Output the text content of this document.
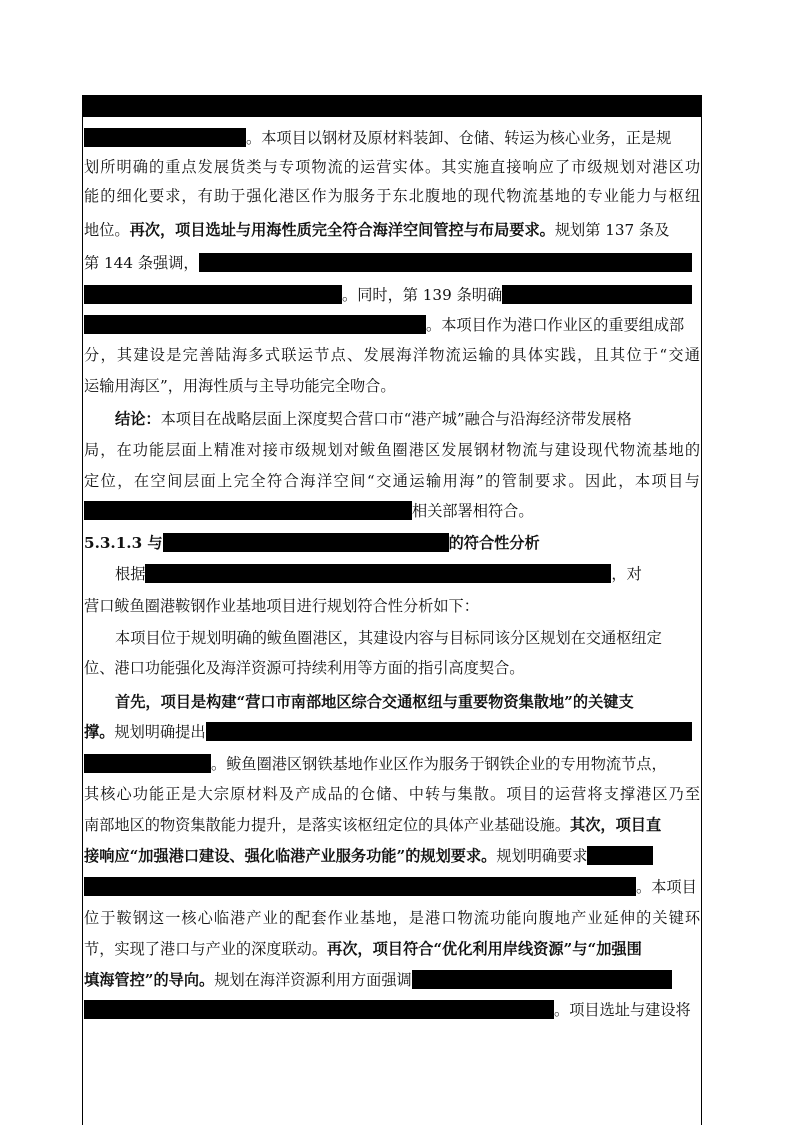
。本项目以钢材及原材料装卸、仓储、转运为核心业务，正是规
划所明确的重点发展货类与专项物流的运营实体。其实施直接响应了市级规划对港区功
能的细化要求，有助于强化港区作为服务于东北腹地的现代物流基地的专业能力与枢纽
地位。再次，项目选址与用海性质完全符合海洋空间管控与布局要求。规划第 137 条及
第 144 条强调，
。同时，第 139 条明确
。本项目作为港口作业区的重要组成部
分，其建设是完善陆海多式联运节点、发展海洋物流运输的具体实践，且其位于“交通
运输用海区”，用海性质与主导功能完全吻合。
结论：本项目在战略层面上深度契合营口市“港产城”融合与沿海经济带发展格
局，在功能层面上精准对接市级规划对鲅鱼圈港区发展钢材物流与建设现代物流基地的
定位，在空间层面上完全符合海洋空间“交通运输用海”的管制要求。因此，本项目与
相关部署相符合。
5.3.1.3 与	的符合性分析
根据	，对
营口鲅鱼圈港鞍钢作业基地项目进行规划符合性分析如下：
本项目位于规划明确的鲅鱼圈港区，其建设内容与目标同该分区规划在交通枢纽定
位、港口功能强化及海洋资源可持续利用等方面的指引高度契合。
首先，项目是构建“营口市南部地区综合交通枢纽与重要物资集散地”的关键支
撑。规划明确提出
。鲅鱼圈港区钢铁基地作业区作为服务于钢铁企业的专用物流节点，
其核心功能正是大宗原材料及产成品的仓储、中转与集散。项目的运营将支撑港区乃至
南部地区的物资集散能力提升，是落实该枢纽定位的具体产业基础设施。其次，项目直
接响应“加强港口建设、强化临港产业服务功能”的规划要求。规划明确要求
。本项目
位于鞍钢这一核心临港产业的配套作业基地，是港口物流功能向腹地产业延伸的关键环
节，实现了港口与产业的深度联动。再次，项目符合“优化利用岸线资源”与“加强围
填海管控”的导向。规划在海洋资源利用方面强调
。项目选址与建设将
